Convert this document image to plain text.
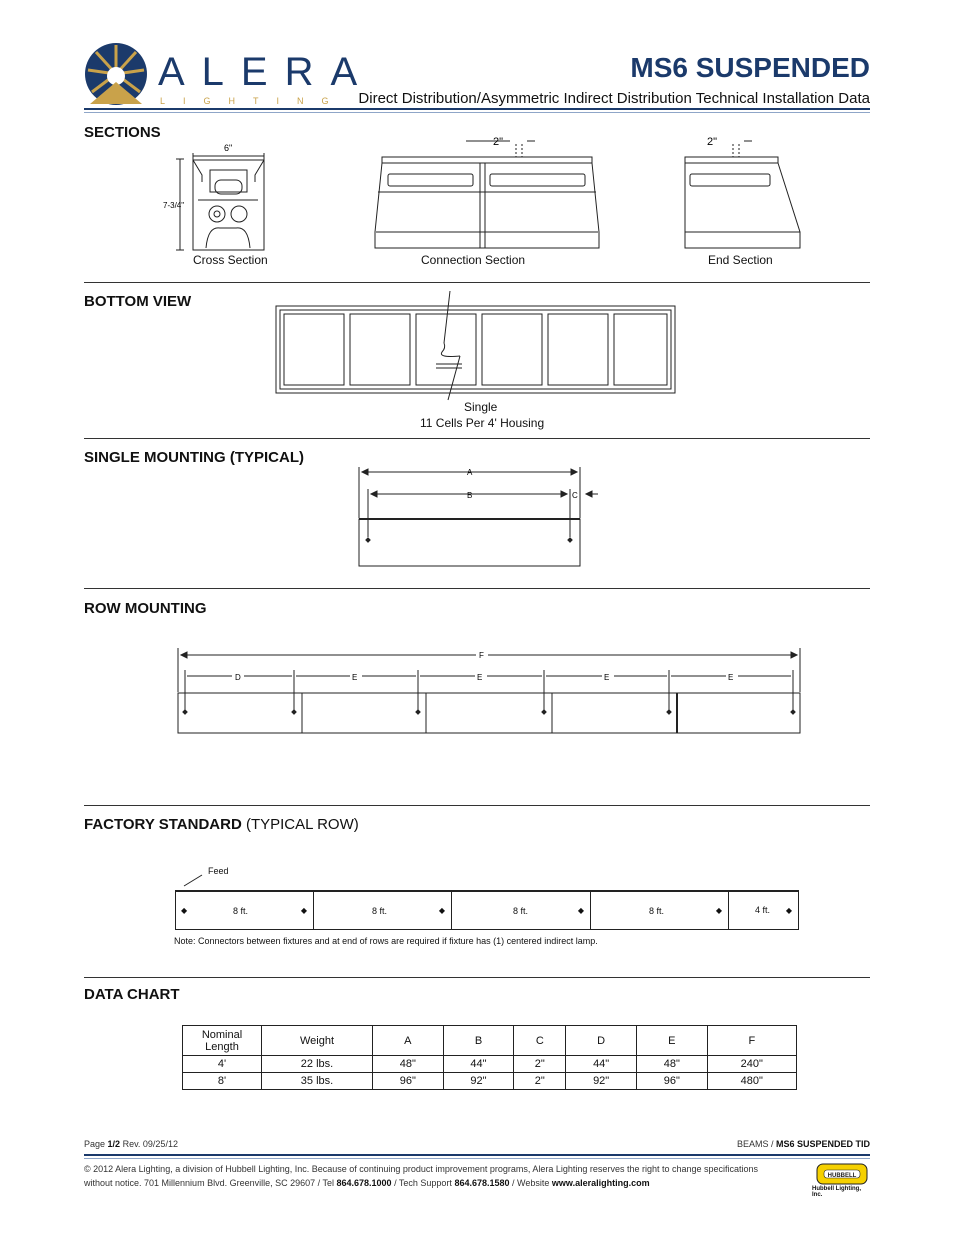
ALERA
LIGHTING
MS6 SUSPENDED
Direct Distribution/Asymmetric Indirect Distribution Technical Installation Data
SECTIONS
6"
7-3/4"
2"	2"
Cross Section	Connection Section	End Section
BOTTOM VIEW
Single
11 Cells Per 4' Housing
SINGLE MOUNTING (TYPICAL)
A
B	C
ROW MOUNTING
F
D	E	E	E	E
FACTORY STANDARD (TYPICAL ROW)
Feed
◆	8 ft.	◆	8 ft.	◆	8 ft.	◆	8 ft.	◆	4 ft. ◆
Note: Connectors between fixtures and at end of rows are required if fixture has (1) centered indirect lamp.
DATA CHART
Nominal Length	Weight	A	B	C	D	E	F
4'	22 lbs.	48"	44"	2"	44"	48"	240"
8'	35 lbs.	96"	92"	2"	92"	96"	480"
Page 1/2 Rev. 09/25/12	BEAMS / MS6 SUSPENDED TID
© 2012 Alera Lighting, a division of Hubbell Lighting, Inc. Because of continuing product improvement programs, Alera Lighting reserves the right to change specifications
without notice. 701 Millennium Blvd. Greenville, SC 29607 / Tel 864.678.1000 / Tech Support 864.678.1580 / Website www.aleralighting.com
HUBBELL
Hubbell Lighting, Inc.
